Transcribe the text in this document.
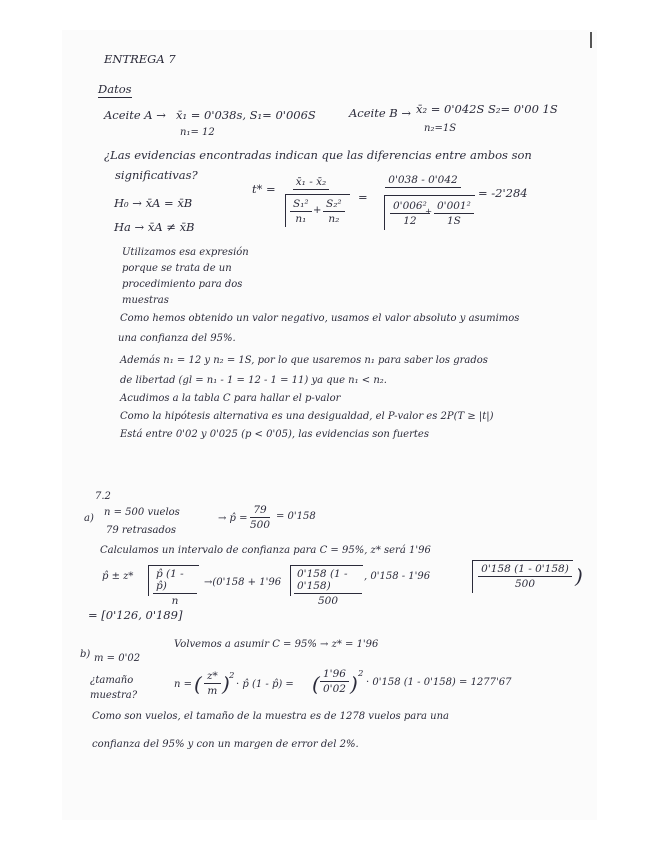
ENTREGA 7
Datos
Aceite A → x̄₁ = 0'038s, S₁= 0'006S
n₁= 12
Aceite B → x̄₂ = 0'042S S₂= 0'00 1S
n₂=1S
¿Las evidencias encontradas indican que las diferencias entre ambos son
significativas?
H₀ → x̄A = x̄B
Ha → x̄A ≠ x̄B
t* = x̄₁ - x̄₂
$\frac{\text{S₁²}}{\text{n₁}} + \frac{\text{S₂²}}{\text{n₂}}$
=
0'038 - 0'042
$\frac{\text{0'006²}}{12}$
+ $\frac{\text{0'001²}}{1S}$
= -2'284
Utilizamos esa expresión
porque se trata de un
procedimiento para dos
muestras
Como hemos obtenido un valor negativo, usamos el valor absoluto y asumimos
una confianza del 95%.
Además n₁ = 12 y n₂ = 1S, por lo que usaremos n₁ para saber los grados
de libertad (gl = n₁ - 1 = 12 - 1 = 11) ya que n₁ < n₂.
Acudimos a la tabla C para hallar el p-valor
Como la hipótesis alternativa es una desigualdad, el P-valor es 2P(T ≥ |t|)
Está entre 0'02 y 0'025 (p < 0'05), las evidencias son fuertes
7.2
a)
n = 500 vuelos
79 retrasados
→ p̂ = $\frac{79}{500} = 0'158$
Calculamos un intervalo de confianza para C = 95%, z* será 1'96
p̂ ± $z* \frac{p̂ (1 - p̂)}{n} \to(0'158 + 1'96 \frac{0'158 (1 - 0'158)}{500}$ , 0'158 - 1'96	$\frac{0'158 (1 - 0'158)}{500}$ )
= [0'126, 0'189]
b) m = 0'02
¿tamaño
muestra?
Volvemos a asumir C = 95% → z* = 1'96
n = ( $\frac{z*}{m}$ ) 2
· p̂ (1 - p̂) = ( $\frac{1'96}{0'02}$ ) 2
· 0'158 (1 - 0'158) = 1277'67
Como son vuelos, el tamaño de la muestra es de 1278 vuelos para una
confianza del 95% y con un margen de error del 2%.
